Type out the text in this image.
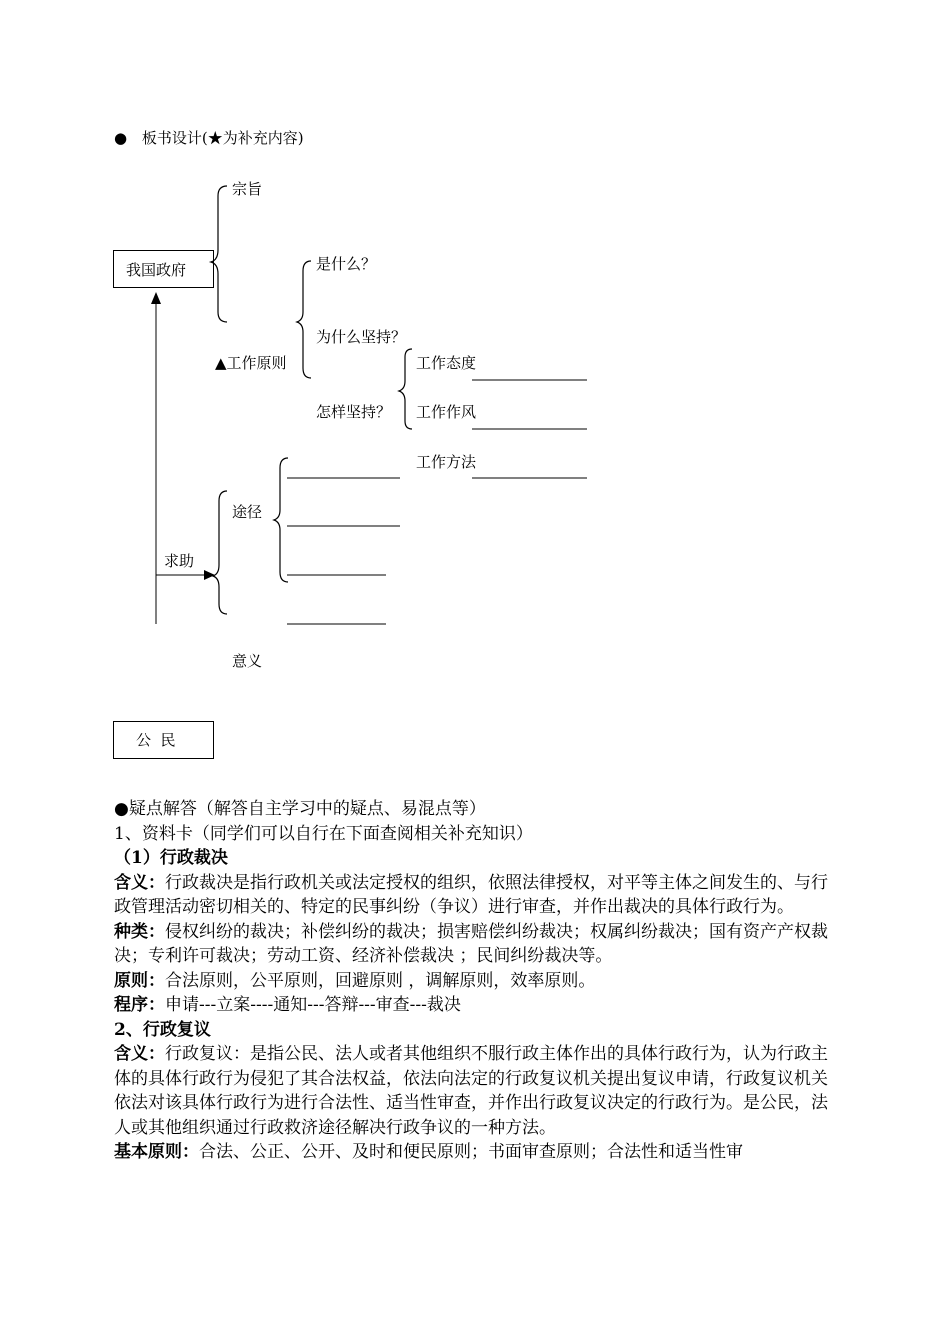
● 板书设计(★为补充内容)
我国政府
公  民
宗旨
是什么？
为什么坚持？
▲工作原则	工作态度
怎样坚持？ 工作作风
工作方法
途径
求助
意义

●疑点解答（解答自主学习中的疑点、易混点等）

1、资料卡（同学们可以自行在下面查阅相关补充知识）

（1）行政裁决

含义：行政裁决是指行政机关或法定授权的组织，依照法律授权，对平等主体之间发生的、与行政管理活动密切相关的、特定的民事纠纷（争议）进行审查，并作出裁决的具体行政行为。

种类：侵权纠纷的裁决；补偿纠纷的裁决；损害赔偿纠纷裁决；权属纠纷裁决；国有资产产权裁决；专利许可裁决；劳动工资、经济补偿裁决 ；民间纠纷裁决等。

原则：合法原则，公平原则，回避原则 ，调解原则，效率原则。

程序：申请---立案----通知---答辩---审查---裁决

2、行政复议

含义：行政复议：是指公民、法人或者其他组织不服行政主体作出的具体行政行为，认为行政主体的具体行政行为侵犯了其合法权益，依法向法定的行政复议机关提出复议申请，行政复议机关依法对该具体行政行为进行合法性、适当性审查，并作出行政复议决定的行政行为。是公民，法人或其他组织通过行政救济途径解决行政争议的一种方法。

基本原则：合法、公正、公开、及时和便民原则；书面审查原则；合法性和适当性审
